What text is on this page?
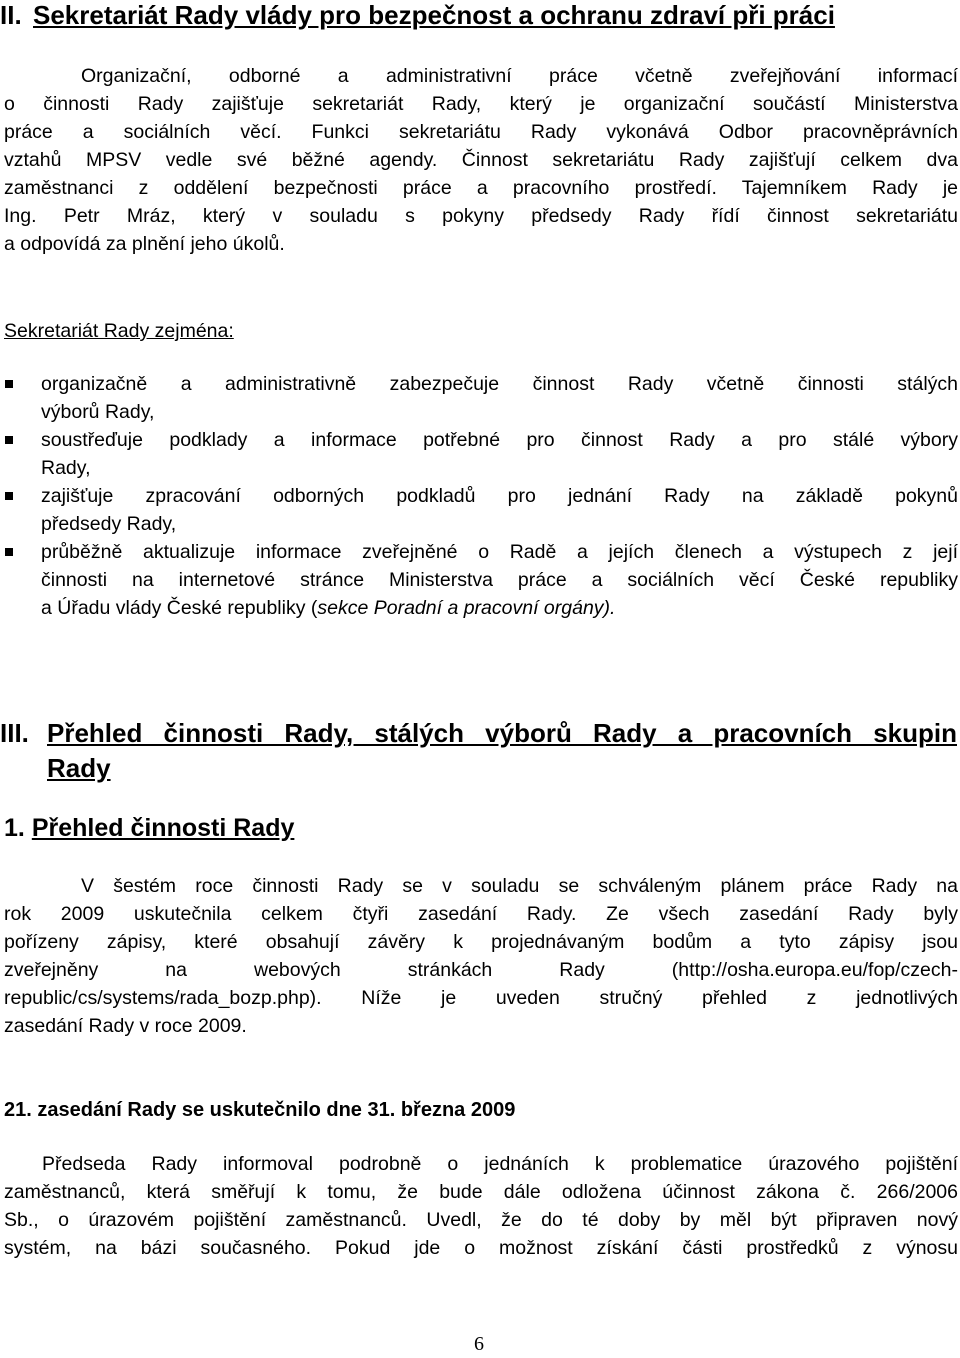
II. Sekretariát Rady vlády pro bezpečnost a ochranu zdraví při práci
Organizační, odborné a administrativní práce včetně zveřejňování informací
o činnosti Rady zajišťuje sekretariát Rady, který je organizační součástí Ministerstva
práce a sociálních věcí. Funkci sekretariátu Rady vykonává Odbor pracovněprávních
vztahů MPSV vedle své běžné agendy. Činnost sekretariátu Rady zajišťují celkem dva
zaměstnanci z oddělení bezpečnosti práce a pracovního prostředí. Tajemníkem Rady je
Ing. Petr Mráz, který v souladu s pokyny předsedy Rady řídí činnost sekretariátu
a odpovídá za plnění jeho úkolů.
Sekretariát Rady zejména:
organizačně a administrativně zabezpečuje činnost Rady včetně činnosti stálých
výborů Rady,
soustřeďuje podklady a informace potřebné pro činnost Rady a pro stálé výbory
Rady,
zajišťuje zpracování odborných podkladů pro jednání Rady na základě pokynů
předsedy Rady,
průběžně aktualizuje informace zveřejněné o Radě a jejích členech a výstupech z její
činnosti na internetové stránce Ministerstva práce a sociálních věcí České republiky
a Úřadu vlády České republiky (sekce Poradní a pracovní orgány).
III. Přehled činnosti Rady, stálých výborů Rady a pracovních skupin
Rady
1. Přehled činnosti Rady
V šestém roce činnosti Rady se v souladu se schváleným plánem práce Rady na
rok 2009 uskutečnila celkem čtyři zasedání Rady. Ze všech zasedání Rady byly
pořízeny zápisy, které obsahují závěry k projednávaným bodům a tyto zápisy jsou
zveřejněny na webových stránkách Rady (http://osha.europa.eu/fop/czech-
republic/cs/systems/rada_bozp.php). Níže je uveden stručný přehled z jednotlivých
zasedání Rady v roce 2009.
21. zasedání Rady se uskutečnilo dne 31. března 2009
Předseda Rady informoval podrobně o jednáních k problematice úrazového pojištění
zaměstnanců, která směřují k tomu, že bude dále odložena účinnost zákona č. 266/2006
Sb., o úrazovém pojištění zaměstnanců. Uvedl, že do té doby by měl být připraven nový
systém, na bázi současného. Pokud jde o možnost získání části prostředků z výnosu
6
